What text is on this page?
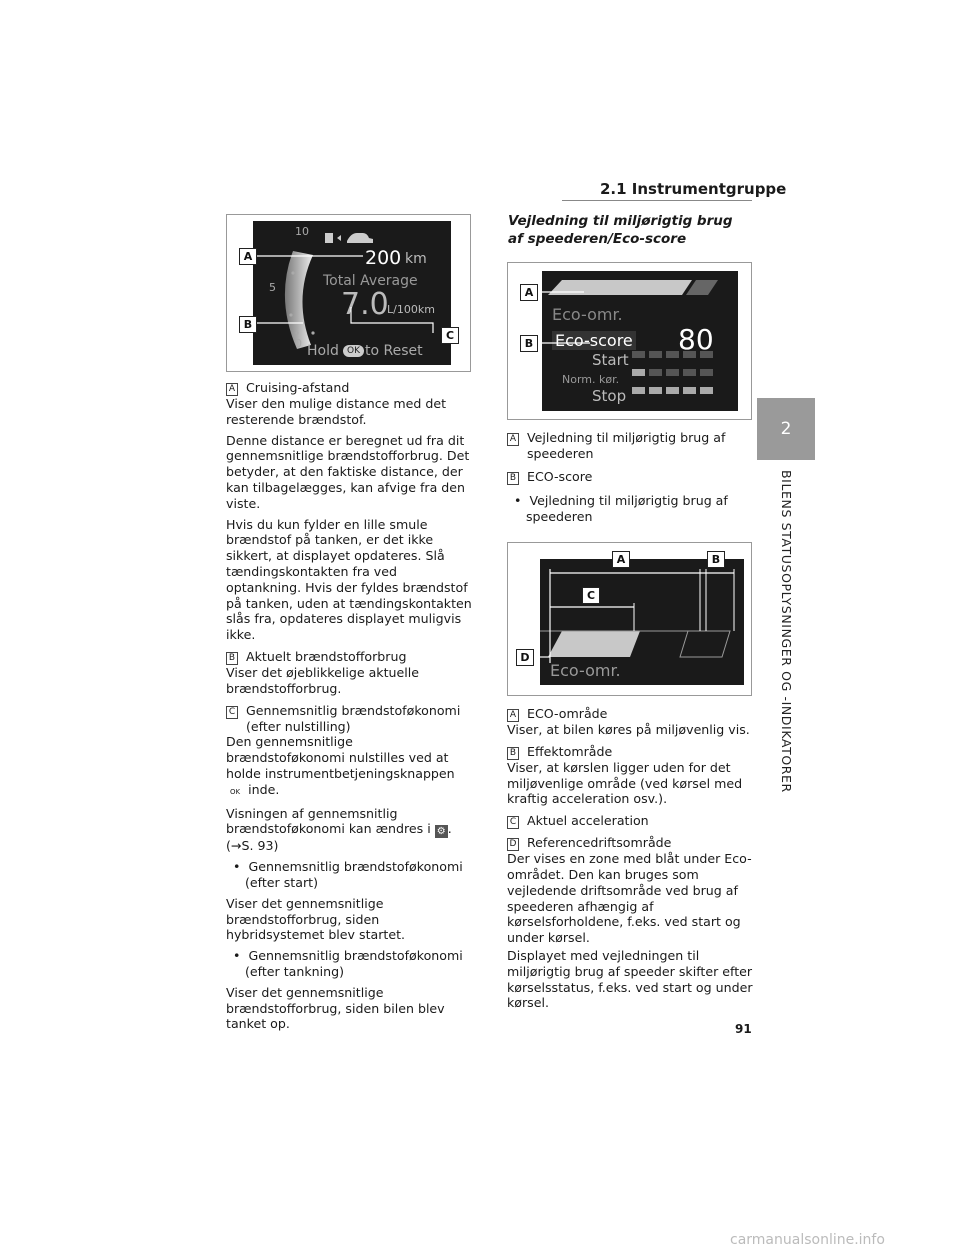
2.1 Instrumentgruppe
2
BILENS STATUSOPLYSNINGER OG -INDIKATORER
10
5
0
200 km
Total Average
7.0
L/100km
Hold OK to Reset
A
B
C

A Cruising-afstand

Viser den mulige distance med det resterende brændstof.

Denne distance er beregnet ud fra dit gennemsnitlige brændstofforbrug. Det betyder, at den faktiske distance, der kan tilbagelægges, kan afvige fra den viste.

Hvis du kun fylder en lille smule brændstof på tanken, er det ikke sikkert, at displayet opdateres. Slå tændingskontakten fra ved optankning. Hvis der fyldes brændstof på tanken, uden at tændingskontakten slås fra, opdateres displayet muligvis ikke.

B Aktuelt brændstofforbrug

Viser det øjeblikkelige aktuelle brændstofforbrug.

C Gennemsnitlig brændstoføkonomi (efter nulstilling)

Den gennemsnitlige brændstoføkonomi nulstilles ved at holde instrumentbetjeningsknappen OK inde.

Visningen af gennemsnitlig brændstoføkonomi kan ændres i ⚙ .
(→S. 93)

•  Gennemsnitlig brændstoføkonomi (efter start)

Viser det gennemsnitlige brændstofforbrug, siden hybridsystemet blev startet.

•  Gennemsnitlig brændstoføkonomi (efter tankning)

Viser det gennemsnitlige brændstofforbrug, siden bilen blev tanket op.

Vejledning til miljørigtig brug af speederen/Eco-score
Eco-omr.
Eco-score 80
Start
Norm. kør.
Stop
A
B

A Vejledning til miljørigtig brug af speederen

B ECO-score

•  Vejledning til miljørigtig brug af speederen

Eco-omr.
A	B
C
D

A ECO-område

Viser, at bilen køres på miljøvenlig vis.

B Effektområde

Viser, at kørslen ligger uden for det miljøvenlige område (ved kørsel med kraftig acceleration osv.).

C Aktuel acceleration

D Referencedriftsområde

Der vises en zone med blåt under Eco-området. Den kan bruges som vejledende driftsområde ved brug af speederen afhængig af kørselsforholdene, f.eks. ved start og under kørsel.

Displayet med vejledningen til miljørigtig brug af speeder skifter efter kørselsstatus, f.eks. ved start og under kørsel.

91
carmanualsonline.info
